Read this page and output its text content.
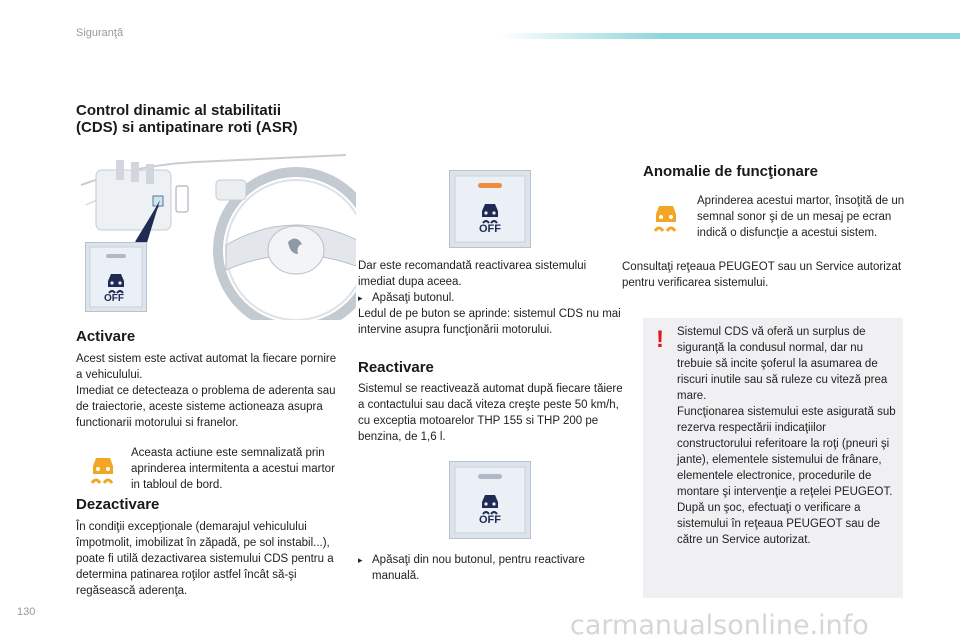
Siguranţă
Control dinamic al stabilitatii
(CDS) si antipatinare roti (ASR)
OFF
Activare

Acest sistem este activat automat la fiecare pornire a vehiculului.

Imediat ce detecteaza o problema de aderenta sau de traiectorie, aceste sisteme actioneaza asupra functionarii motorului si franelor.

Aceasta actiune este semnalizată prin aprinderea intermitenta a acestui martor in tabloul de bord.
Dezactivare
În condiţii excepţionale (demarajul vehiculului împotmolit, imobilizat în zăpadă, pe sol instabil...), poate fi utilă dezactivarea sistemului CDS pentru a determina patinarea roţilor astfel încât să-şi regăsească aderenţa.
OFF

Dar este recomandată reactivarea sistemului imediat dupa aceea.

▸ Apăsaţi butonul.

Ledul de pe buton se aprinde: sistemul CDS nu mai intervine asupra funcţionării motorului.

Reactivare
Sistemul se reactivează automat după fiecare tăiere a contactului sau dacă viteza creşte peste 50 km/h, cu exceptia motoarelor THP 155 si THP 200 pe benzina, de 1,6 l.
OFF
▸ Apăsaţi din nou butonul, pentru reactivare manuală.
Anomalie de funcţionare
Aprinderea acestui martor, însoţită de un semnal sonor şi de un mesaj pe ecran indică o disfuncţie a acestui sistem.
Consultaţi reţeaua PEUGEOT sau un Service autorizat pentru verificarea sistemului.
!	Sistemul CDS vă oferă un surplus de siguranţă la condusul normal, dar nu trebuie să incite şoferul la asumarea de riscuri inutile sau să ruleze cu viteză prea mare.

Funcţionarea sistemului este asigurată sub rezerva respectării indicaţiilor constructorului referitoare la roţi (pneuri şi jante), elementele sistemului de frânare, elementele electronice, procedurile de montare şi intervenţie a reţelei PEUGEOT.

După un şoc, efectuaţi o verificare a sistemului în reţeaua PEUGEOT sau de către un Service autorizat.

130	carmanualsonline.info
